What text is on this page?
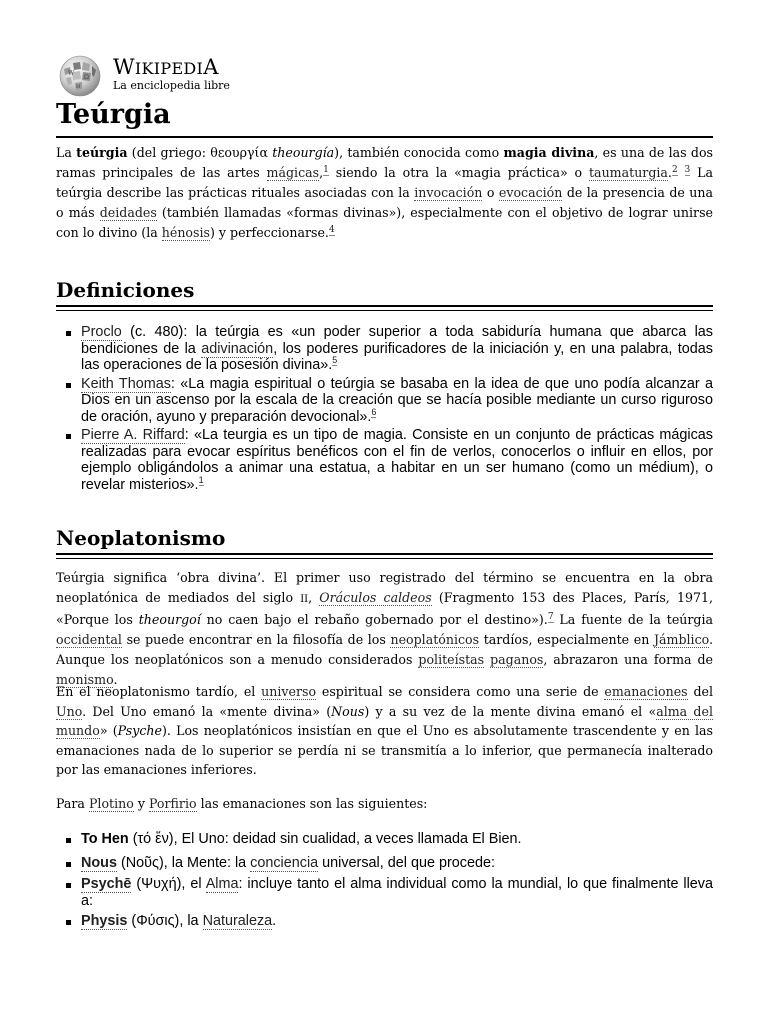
W
Ω
И
WIKIPEDIA
La enciclopedia libre
Teúrgia

La teúrgia (del griego: θεουργία theourgía), también conocida como magia divina, es una de las dos ramas principales de las artes mágicas,$^1$ siendo la otra la «magia práctica» o taumaturgia.$^2$ $^3$ La teúrgia describe las prácticas rituales asociadas con la invocación o evocación de la presencia de una o más deidades (también llamadas «formas divinas»), especialmente con el objetivo de lograr unirse con lo divino (la hénosis) y perfeccionarse.$^4$

Definiciones
Proclo (c. 480): la teúrgia es «un poder superior a toda sabiduría humana que abarca las bendiciones de la adivinación, los poderes purificadores de la iniciación y, en una palabra, todas las operaciones de la posesión divina».$^5$
Keith Thomas: «La magia espiritual o teúrgia se basaba en la idea de que uno podía alcanzar a Dios en un ascenso por la escala de la creación que se hacía posible mediante un curso riguroso de oración, ayuno y preparación devocional».$^6$
Pierre A. Riffard: «La teurgia es un tipo de magia. Consiste en un conjunto de prácticas mágicas realizadas para evocar espíritus benéficos con el fin de verlos, conocerlos o influir en ellos, por ejemplo obligándolos a animar una estatua, a habitar en un ser humano (como un médium), o revelar misterios».$^1$
Neoplatonismo

Teúrgia significa ‘obra divina’. El primer uso registrado del término se encuentra en la obra neoplatónica de mediados del siglo II, Oráculos caldeos (Fragmento 153 des Places, París, 1971, «Porque los theourgoí no caen bajo el rebaño gobernado por el destino»).$^7$ La fuente de la teúrgia occidental se puede encontrar en la filosofía de los neoplatónicos tardíos, especialmente en Jámblico. Aunque los neoplatónicos son a menudo considerados politeístas paganos, abrazaron una forma de monismo.

En el neoplatonismo tardío, el universo espiritual se considera como una serie de emanaciones del Uno. Del Uno emanó la «mente divina» (Nous) y a su vez de la mente divina emanó el «alma del mundo» (Psyche). Los neoplatónicos insistían en que el Uno es absolutamente trascendente y en las emanaciones nada de lo superior se perdía ni se transmitía a lo inferior, que permanecía inalterado por las emanaciones inferiores.

Para Plotino y Porfirio las emanaciones son las siguientes:

To Hen (τό ἕν), El Uno: deidad sin cualidad, a veces llamada El Bien.
Nous (Νοῦς), la Mente: la conciencia universal, del que procede:
Psychē (Ψυχή), el Alma: incluye tanto el alma individual como la mundial, lo que finalmente lleva a:
Physis (Φύσις), la Naturaleza.
